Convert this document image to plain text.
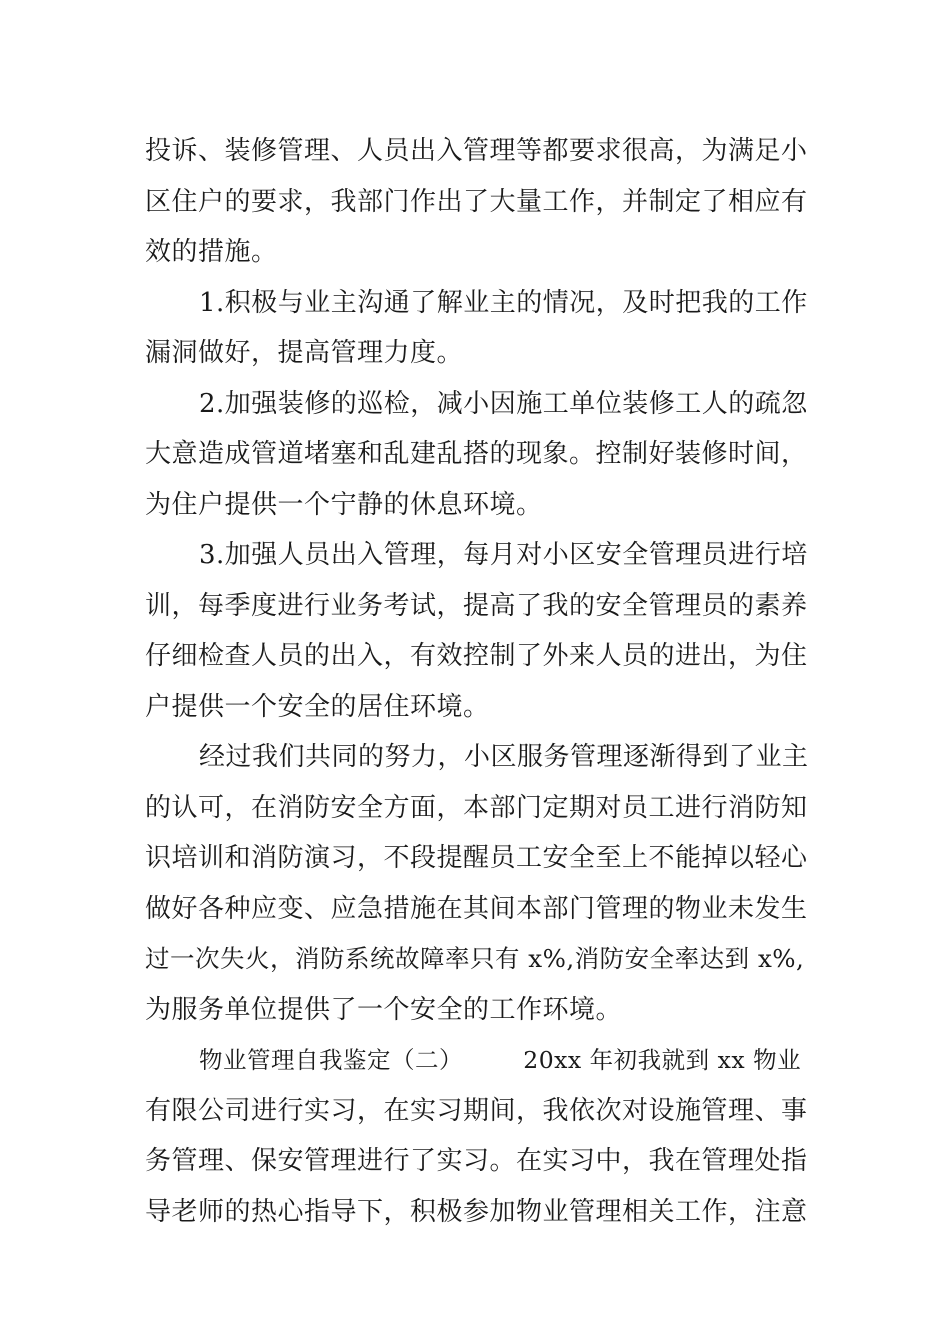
投诉、装修管理、人员出入管理等都要求很高，为满足小
区住户的要求，我部门作出了大量工作，并制定了相应有
效的措施。
1.积极与业主沟通了解业主的情况，及时把我的工作
漏洞做好，提高管理力度。
2.加强装修的巡检，减小因施工单位装修工人的疏忽
大意造成管道堵塞和乱建乱搭的现象。控制好装修时间，
为住户提供一个宁静的休息环境。
3.加强人员出入管理，每月对小区安全管理员进行培
训，每季度进行业务考试，提高了我的安全管理员的素养
仔细检查人员的出入，有效控制了外来人员的进出，为住
户提供一个安全的居住环境。
经过我们共同的努力，小区服务管理逐渐得到了业主
的认可，在消防安全方面，本部门定期对员工进行消防知
识培训和消防演习，不段提醒员工安全至上不能掉以轻心
做好各种应变、应急措施在其间本部门管理的物业未发生
过一次失火，消防系统故障率只有 x%,消防安全率达到 x%,
为服务单位提供了一个安全的工作环境。
物业管理自我鉴定（二）　　　20xx 年初我就到 xx 物业
有限公司进行实习，在实习期间，我依次对设施管理、事
务管理、保安管理进行了实习。在实习中，我在管理处指
导老师的热心指导下，积极参加物业管理相关工作，注意
